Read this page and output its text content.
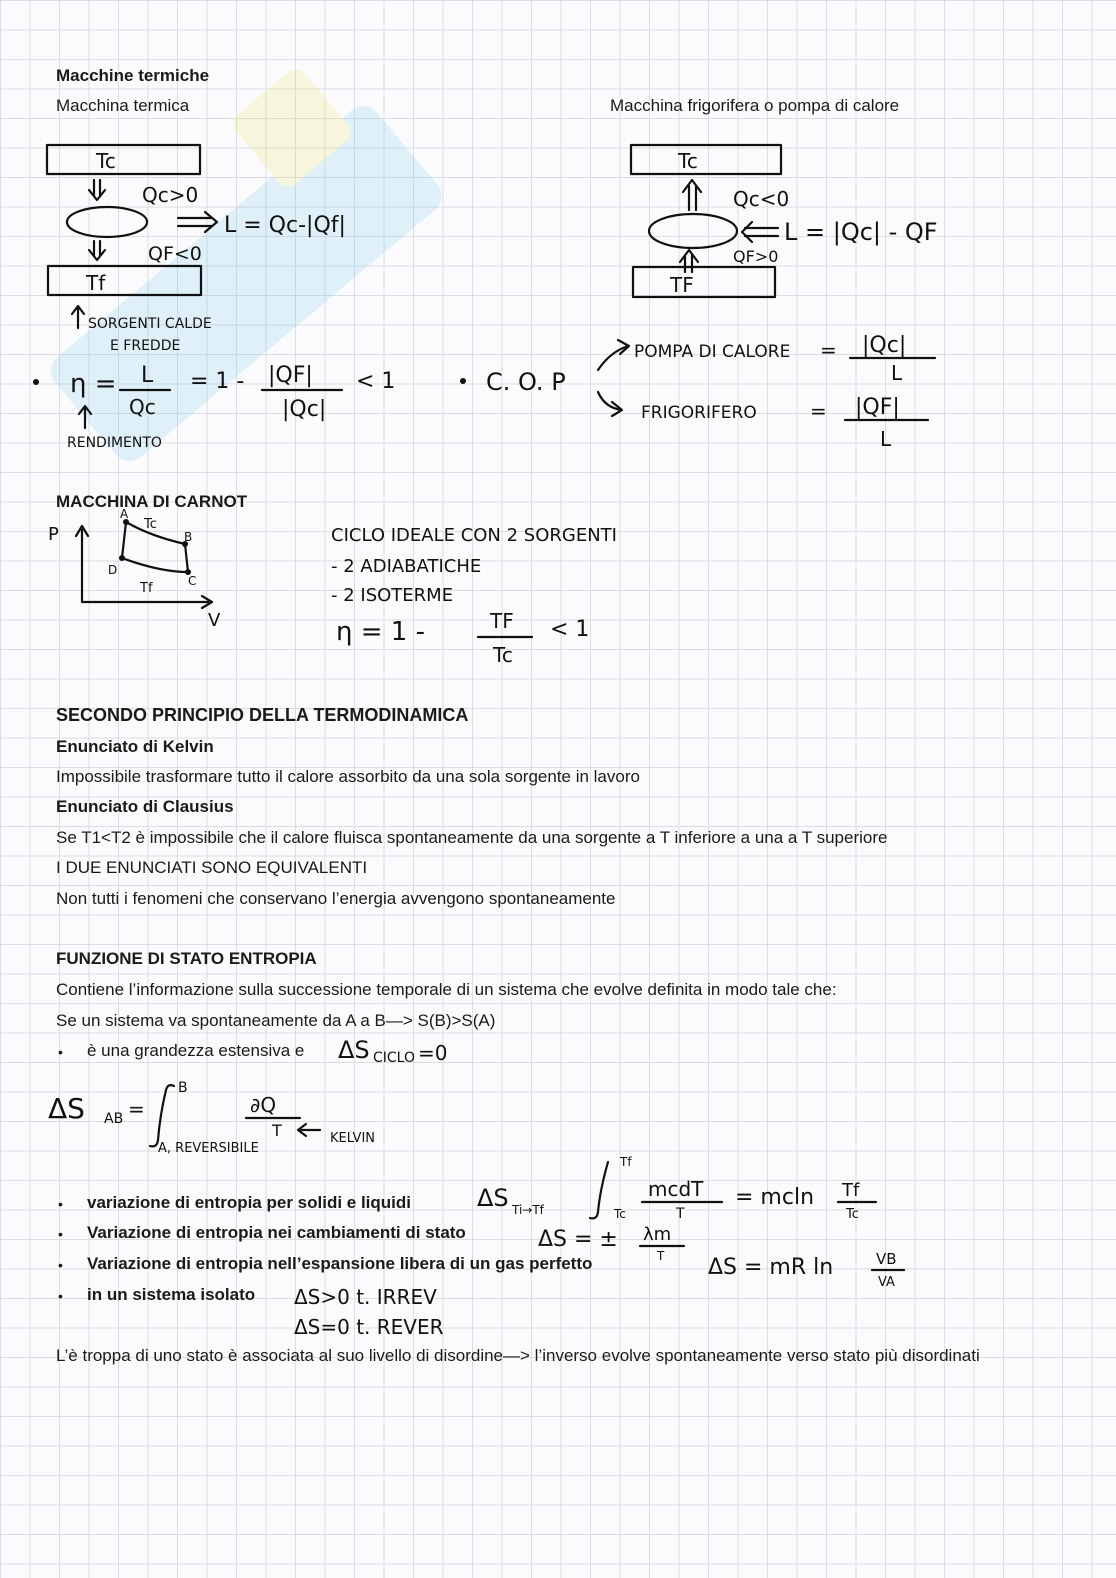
Macchine termiche
Macchina termica	Macchina frigorifera o pompa di calore
MACCHINA DI CARNOT
SECONDO PRINCIPIO DELLA TERMODINAMICA
Enunciato di Kelvin
Impossibile trasformare tutto il calore assorbito da una sola sorgente in lavoro
Enunciato di Clausius
Se T1<T2 è impossibile che il calore fluisca spontaneamente da una sorgente a T inferiore a una a T superiore
I DUE ENUNCIATI SONO EQUIVALENTI
Non tutti i fenomeni che conservano l’energia avvengono spontaneamente
FUNZIONE DI STATO ENTROPIA
Contiene l’informazione sulla successione temporale di un sistema che evolve definita in modo tale che:
Se un sistema va spontaneamente da A a B—> S(B)>S(A)
• è una grandezza estensiva e
• variazione di entropia per solidi e liquidi
• Variazione di entropia nei cambiamenti di stato
• Variazione di entropia nell’espansione libera di un gas perfetto
• in un sistema isolato
L’è troppa di uno stato è associata al suo livello di disordine—> l’inverso evolve spontaneamente verso stato più disordinati
Tc
Qc>0
L = Qc-|Qf|
QF<0
Tf
SORGENTI CALDE
E FREDDE
η = L
Qc
= 1 - |QF|
|Qc|
< 1
RENDIMENTO
Tc
Qc<0
L = |Qc| - QF
QF>0
TF
C. O. P
POMPA DI CALORE = |Qc|
L
FRIGORIFERO	= |QF|
L
P
V
A
B
C
D
Tc
Tf
CICLO IDEALE CON 2 SORGENTI
- 2 ADIABATICHE
- 2 ISOTERME
η = 1 -	TF
Tc
< 1
ΔS CICLO =0
ΔS AB =
B
A, REVERSIBILE
∂Q
T	KELVIN
ΔS Ti→Tf
Tf
Tc
mcdT
T
= mcln Tf
Tc
ΔS = ± λm
T ΔS = mR ln	VB
VA
ΔS>0 t. IRREV
ΔS=0 t. REVER
